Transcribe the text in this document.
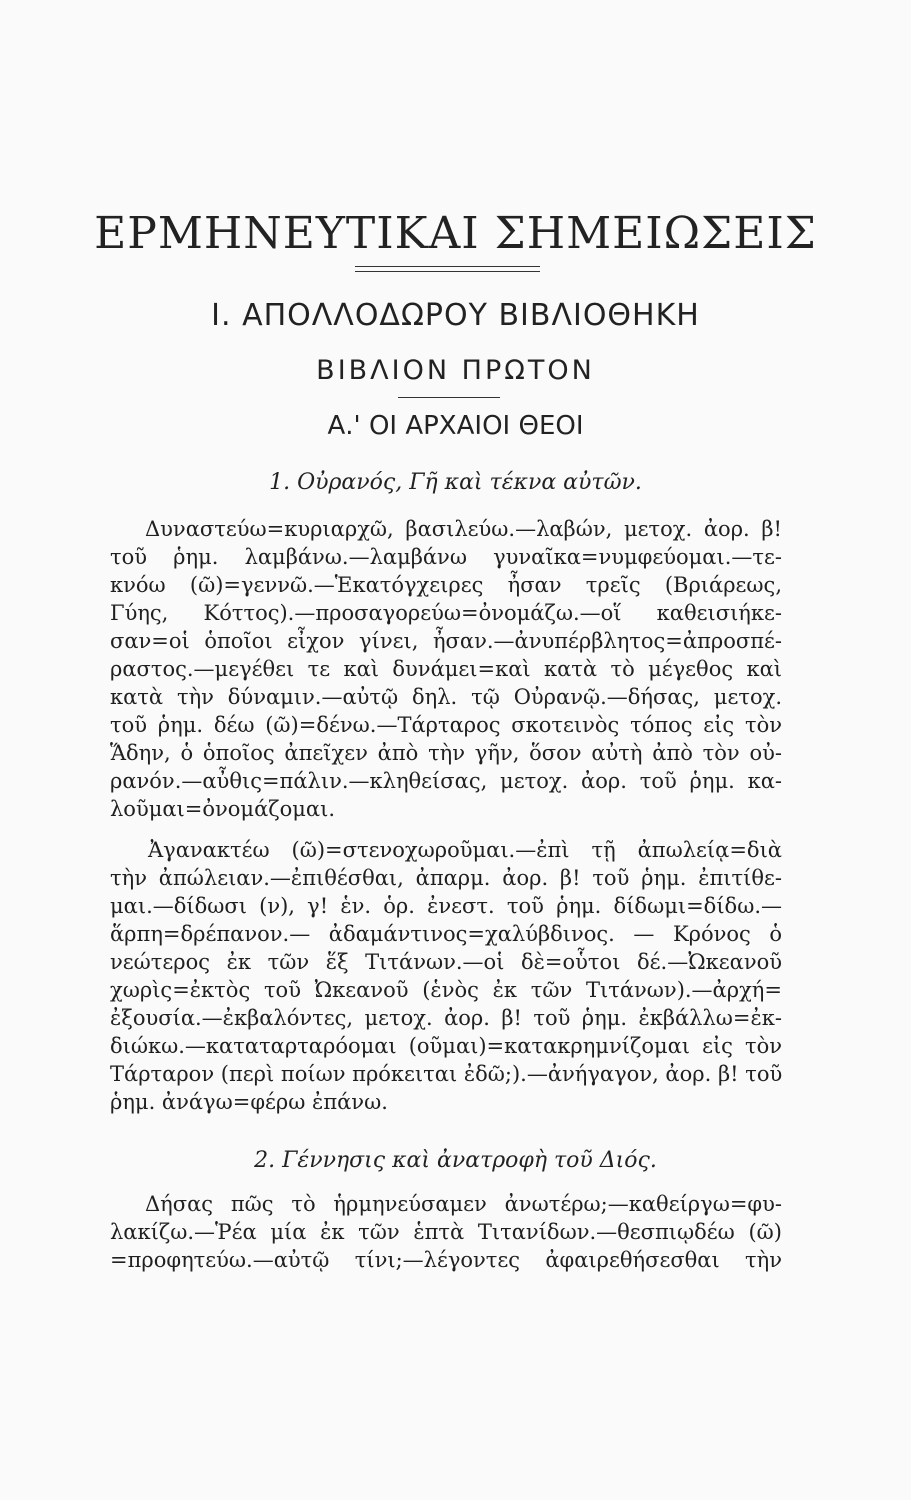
ΕΡΜΗΝΕΥΤΙΚΑΙ ΣΗΜΕΙΩΣΕΙΣ
I. ΑΠΟΛΛΟΔΩΡΟΥ ΒΙΒΛΙΟΘΗΚΗ
ΒΙΒΛΙΟΝ ΠΡΩΤΟΝ
Α.' ΟΙ ΑΡΧΑΙΟΙ ΘΕΟΙ
1. Οὐρανός, Γῆ καὶ τέκνα αὐτῶν.
Δυναστεύω=κυριαρχῶ, βασιλεύω.—λαβών, μετοχ. ἀορ. β!
τοῦ ῥημ. λαμβάνω.—λαμβάνω γυναῖκα=νυμφεύομαι.—τε-
κνόω (ῶ)=γεννῶ.—Ἑκατόγχειρες ἦσαν τρεῖς (Βριάρεως,
Γύης, Κόττος).—προσαγορεύω=ὀνομάζω.—οἵ καθεισιήκε-
σαν=οἱ ὁποῖοι εἶχον γίνει, ἦσαν.—ἀνυπέρβλητος=ἀπροσπέ-
ραστος.—μεγέθει τε καὶ δυνάμει=καὶ κατὰ τὸ μέγεθος καὶ
κατὰ τὴν δύναμιν.—αὐτῷ δηλ. τῷ Οὐρανῷ.—δήσας, μετοχ.
τοῦ ῥημ. δέω (ῶ)=δένω.—Τάρταρος σκοτεινὸς τόπος εἰς τὸν
Ἅδην, ὁ ὁποῖος ἀπεῖχεν ἀπὸ τὴν γῆν, ὅσον αὐτὴ ἀπὸ τὸν οὐ-
ρανόν.—αὖθις=πάλιν.—κληθείσας, μετοχ. ἀορ. τοῦ ῥημ. κα-
λοῦμαι=ὀνομάζομαι.
Ἀγανακτέω (ῶ)=στενοχωροῦμαι.—ἐπὶ τῇ ἀπωλείᾳ=διὰ
τὴν ἀπώλειαν.—ἐπιθέσθαι, ἀπαρμ. ἀορ. β! τοῦ ῥημ. ἐπιτίθε-
μαι.—δίδωσι (ν), γ! ἑν. ὁρ. ἐνεστ. τοῦ ῥημ. δίδωμι=δίδω.—
ἅρπη=δρέπανον.— ἀδαμάντινος=χαλύβδινος. — Κρόνος ὁ
νεώτερος ἐκ τῶν ἕξ Τιτάνων.—οἱ δὲ=οὗτοι δέ.—Ὠκεανοῦ
χωρὶς=ἐκτὸς τοῦ Ὠκεανοῦ (ἑνὸς ἐκ τῶν Τιτάνων).—ἀρχή=
ἐξουσία.—ἐκβαλόντες, μετοχ. ἀορ. β! τοῦ ῥημ. ἐκβάλλω=ἐκ-
διώκω.—καταταρταρόομαι (οῦμαι)=κατακρημνίζομαι εἰς τὸν
Τάρταρον (περὶ ποίων πρόκειται ἐδῶ;).—ἀνήγαγον, ἀορ. β! τοῦ
ῥημ. ἀνάγω=φέρω ἐπάνω.
2. Γέννησις καὶ ἀνατροφὴ τοῦ Διός.
Δήσας πῶς τὸ ἡρμηνεύσαμεν ἀνωτέρω;—καθείργω=φυ-
λακίζω.—Ῥέα μία ἐκ τῶν ἑπτὰ Τιτανίδων.—θεσπιῳδέω (ῶ)
=προφητεύω.—αὐτῷ τίνι;—λέγοντες ἀφαιρεθήσεσθαι τὴν
